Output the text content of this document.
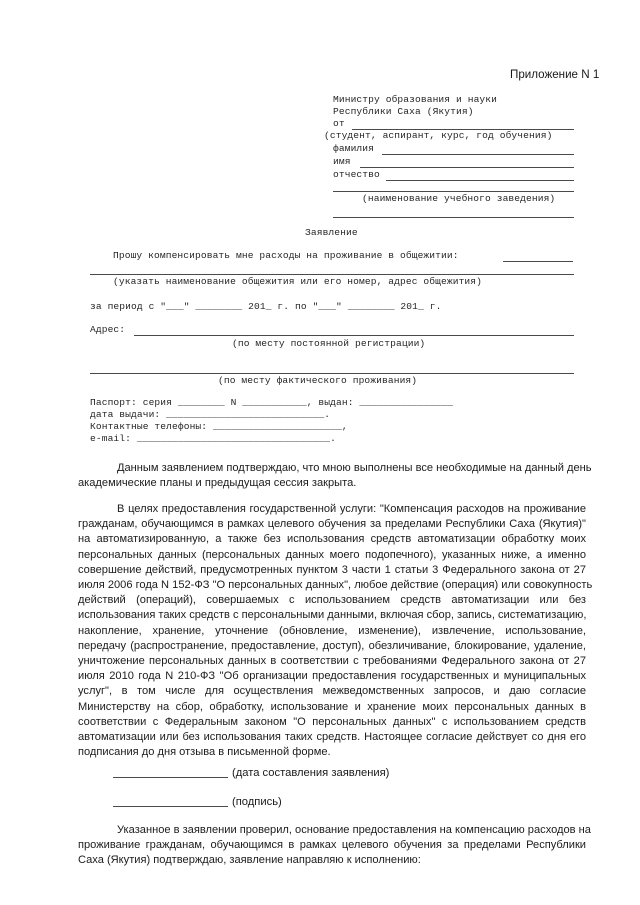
Приложение N 1
Министру образования и науки
Республики Саха (Якутия)
от
(студент, аспирант, курс, год обучения)
фамилия
имя
отчество
(наименование учебного заведения)
Заявление
Прошу компенсировать мне расходы на проживание в общежитии:
(указать наименование общежития или его номер, адрес общежития)
за период с "___" ________ 201_ г. по "___" ________ 201_ г.
Адрес:
(по месту постоянной регистрации)
(по месту фактического проживания)
Паспорт: серия ________ N ___________, выдан: ________________
дата выдачи: ___________________________.
Контактные телефоны: ______________________,
e-mail: _________________________________.
Данным заявлением подтверждаю, что мною выполнены все необходимые на данный день
академические планы и предыдущая сессия закрыта.
В целях предоставления государственной услуги: "Компенсация расходов на проживание
гражданам, обучающимся в рамках целевого обучения за пределами Республики Саха (Якутия)"
на автоматизированную, а также без использования средств автоматизации обработку моих
персональных данных (персональных данных моего подопечного), указанных ниже, а именно
совершение действий, предусмотренных пунктом 3 части 1 статьи 3 Федерального закона от 27
июля 2006 года N 152-ФЗ "О персональных данных", любое действие (операция) или совокупность
действий (операций), совершаемых с использованием средств автоматизации или без
использования таких средств с персональными данными, включая сбор, запись, систематизацию,
накопление, хранение, уточнение (обновление, изменение), извлечение, использование,
передачу (распространение, предоставление, доступ), обезличивание, блокирование, удаление,
уничтожение персональных данных в соответствии с требованиями Федерального закона от 27
июля 2010 года N 210-ФЗ "Об организации предоставления государственных и муниципальных
услуг", в том числе для осуществления межведомственных запросов, и даю согласие
Министерству на сбор, обработку, использование и хранение моих персональных данных в
соответствии с Федеральным законом "О персональных данных" с использованием средств
автоматизации или без использования таких средств. Настоящее согласие действует со дня его
подписания до дня отзыва в письменной форме.
(дата составления заявления)
(подпись)
Указанное в заявлении проверил, основание предоставления на компенсацию расходов на
проживание гражданам, обучающимся в рамках целевого обучения за пределами Республики
Саха (Якутия) подтверждаю, заявление направляю к исполнению:
